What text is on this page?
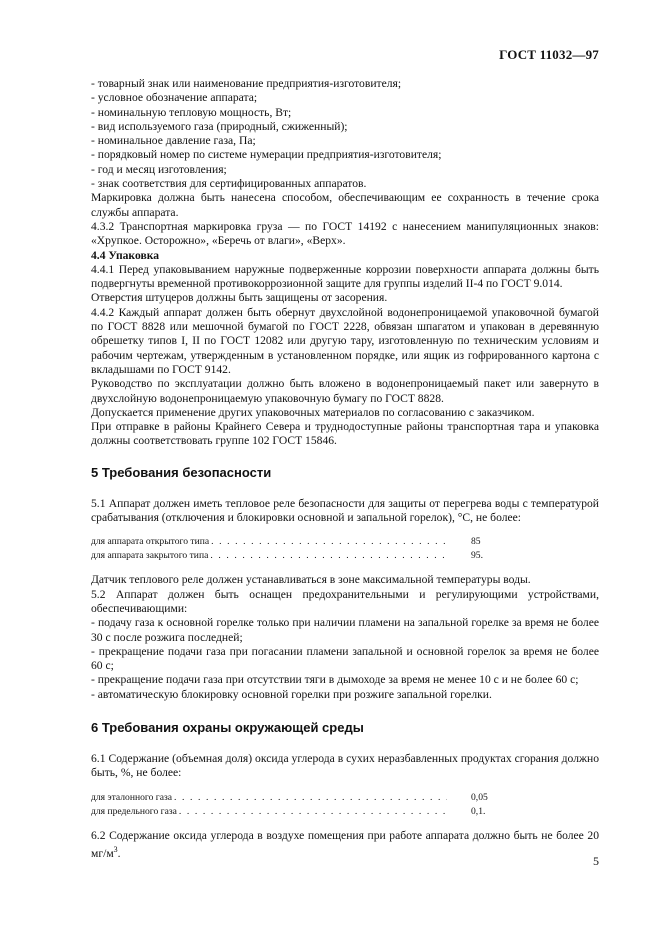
ГОСТ 11032—97
- товарный знак или наименование предприятия-изготовителя;
- условное обозначение аппарата;
- номинальную тепловую мощность, Вт;
- вид используемого газа (природный, сжиженный);
- номинальное давление газа, Па;
- порядковый номер по системе нумерации предприятия-изготовителя;
- год и месяц изготовления;
- знак соответствия для сертифицированных аппаратов.
Маркировка должна быть нанесена способом, обеспечивающим ее сохранность в течение срока службы аппарата.
4.3.2 Транспортная маркировка груза — по ГОСТ 14192 с нанесением манипуляционных знаков: «Хрупкое. Осторожно», «Беречь от влаги», «Верх».
4.4 Упаковка
4.4.1 Перед упаковыванием наружные подверженные коррозии поверхности аппарата должны быть подвергнуты временной противокоррозионной защите для группы изделий II-4 по ГОСТ 9.014.
Отверстия штуцеров должны быть защищены от засорения.
4.4.2 Каждый аппарат должен быть обернут двухслойной водонепроницаемой упаковочной бумагой по ГОСТ 8828 или мешочной бумагой по ГОСТ 2228, обвязан шпагатом и упакован в деревянную обрешетку типов I, II по ГОСТ 12082 или другую тару, изготовленную по техническим условиям и рабочим чертежам, утвержденным в установленном порядке, или ящик из гофрированного картона с вкладышами по ГОСТ 9142.
Руководство по эксплуатации должно быть вложено в водонепроницаемый пакет или завернуто в двухслойную водонепроницаемую упаковочную бумагу по ГОСТ 8828.
Допускается применение других упаковочных материалов по согласованию с заказчиком.
При отправке в районы Крайнего Севера и труднодоступные районы транспортная тара и упаковка должны соответствовать группе 102 ГОСТ 15846.
5 Требования безопасности
5.1 Аппарат должен иметь тепловое реле безопасности для защиты от перегрева воды с температурой срабатывания (отключения и блокировки основной и запальной горелок), °С, не более:
для аппарата открытого типа . . .	85
для аппарата закрытого типа . . .	95.
Датчик теплового реле должен устанавливаться в зоне максимальной температуры воды.
5.2 Аппарат должен быть оснащен предохранительными и регулирующими устройствами, обеспечивающими:
- подачу газа к основной горелке только при наличии пламени на запальной горелке за время не более 30 с после розжига последней;
- прекращение подачи газа при погасании пламени запальной и основной горелок за время не более 60 с;
- прекращение подачи газа при отсутствии тяги в дымоходе за время не менее 10 с и не более 60 с;
- автоматическую блокировку основной горелки при розжиге запальной горелки.
6 Требования охраны окружающей среды
6.1 Содержание (объемная доля) оксида углерода в сухих неразбавленных продуктах сгорания должно быть, %, не более:
для эталонного газа . . .	0,05
для предельного газа . . .	0,1.
6.2 Содержание оксида углерода в воздухе помещения при работе аппарата должно быть не более 20 $мг/м^3$.
5
